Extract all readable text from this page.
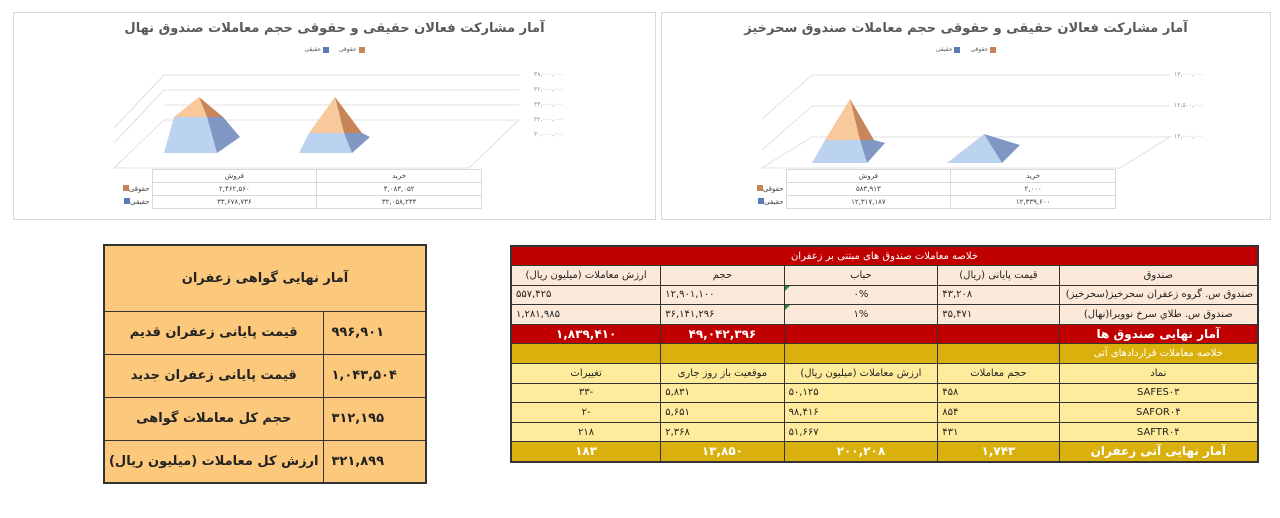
آمار مشارکت فعالان حقیقی و حقوقی حجم معاملات صندوق نهال
حقوقی حقیقی
۳۸,۰۰۰,۰۰۰
۳۶,۰۰۰,۰۰۰
۳۴,۰۰۰,۰۰۰
۳۲,۰۰۰,۰۰۰
۳۰,۰۰۰,۰۰۰
	فروش	خرید
حقوقی	۲,۴۶۲,۵۶۰	۴,۰۸۳,۰۵۲
حقیقی	۳۳,۶۷۸,۷۳۶	۳۲,۰۵۸,۲۴۴
آمار مشارکت فعالان حقیقی و حقوقی حجم معاملات صندوق سحرخیز
حقوقی حقیقی
۱۳,۰۰۰,۰۰۰
۱۲,۵۰۰,۰۰۰
۱۲,۰۰۰,۰۰۰
	فروش	خرید
حقوقی	۵۸۳,۹۱۳	۲,۰۰۰
حقیقی	۱۲,۳۱۷,۱۸۷	۱۲,۳۳۹,۶۰۰
آمار نهایی گواهی زعفران	
قیمت پایانی زعفران قدیم	۹۹۶,۹۰۱
قیمت پایانی زعفران جدید	۱,۰۴۳,۵۰۴
حجم کل معاملات گواهی	۳۱۲,۱۹۵
ارزش کل معاملات (میلیون ریال)	۳۲۱,۸۹۹
خلاصه معاملات صندوق های مبتنی بر زعفران				
صندوق	قیمت پایانی (ریال)	حباب	حجم	ارزش معاملات (میلیون ریال)
صندوق س. گروه زعفران سحرخیز(سحرخیز)	۴۳,۲۰۸	۰%	۱۲,۹۰۱,۱۰۰	۵۵۷,۴۲۵
صندوق س. طلاي سرخ نوويرا(نهال)	۳۵,۴۷۱	۱%	۳۶,۱۴۱,۲۹۶	۱,۲۸۱,۹۸۵
آمار نهایی صندوق ها			۴۹,۰۴۲,۳۹۶	۱,۸۳۹,۴۱۰
خلاصه معاملات قراردادهای آتی				
نماد	حجم معاملات	ارزش معاملات (میلیون ریال)	موقعیت باز روز جاری	تغییرات
SAFES۰۳	۴۵۸	۵۰,۱۲۵	۵,۸۳۱	-۳۳
SAFOR۰۴	۸۵۴	۹۸,۴۱۶	۵,۶۵۱	-۲
SAFTR۰۴	۴۳۱	۵۱,۶۶۷	۲,۳۶۸	۲۱۸
آمار نهایی آتی زعفران	۱,۷۴۳	۲۰۰,۲۰۸	۱۳,۸۵۰	۱۸۳
